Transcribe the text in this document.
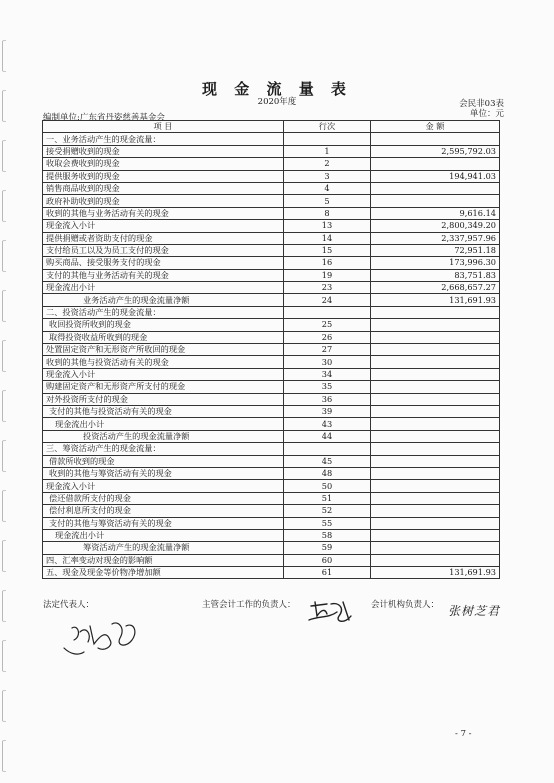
现 金 流 量 表
2020年度	会民非03表
单位：元
编制单位:广东省丹姿慈善基金会
项 目	行次	金 额
一、业务活动产生的现金流量：		
接受捐赠收到的现金	1	2,595,792.03
收取会费收到的现金	2	
提供服务收到的现金	3	194,941.03
销售商品收到的现金	4	
政府补助收到的现金	5	
收到的其他与业务活动有关的现金	8	9,616.14
现金流入小计	13	2,800,349.20
提供捐赠或者资助支付的现金	14	2,337,957.96
支付给员工以及为员工支付的现金	15	72,951.18
购买商品、接受服务支付的现金	16	173,996.30
支付的其他与业务活动有关的现金	19	83,751.83
现金流出小计	23	2,668,657.27
业务活动产生的现金流量净额	24	131,691.93
二、投资活动产生的现金流量：		
收回投资所收到的现金	25	
取得投资收益所收到的现金	26	
处置固定资产和无形资产所收回的现金	27	
收到的其他与投资活动有关的现金	30	
现金流入小计	34	
购建固定资产和无形资产所支付的现金	35	
对外投资所支付的现金	36	
支付的其他与投资活动有关的现金	39	
现金流出小计	43	
投资活动产生的现金流量净额	44	
三、筹资活动产生的现金流量：		
借款所收到的现金	45	
收到的其他与筹资活动有关的现金	48	
现金流入小计	50	
偿还借款所支付的现金	51	
偿付利息所支付的现金	52	
支付的其他与筹资活动有关的现金	55	
现金流出小计	58	
筹资活动产生的现金流量净额	59	
四、汇率变动对现金的影响额	60	
五、现金及现金等价物净增加额	61	131,691.93
法定代表人：	主管会计工作的负责人：	会计机构负责人： 张树芝君
- 7 -
